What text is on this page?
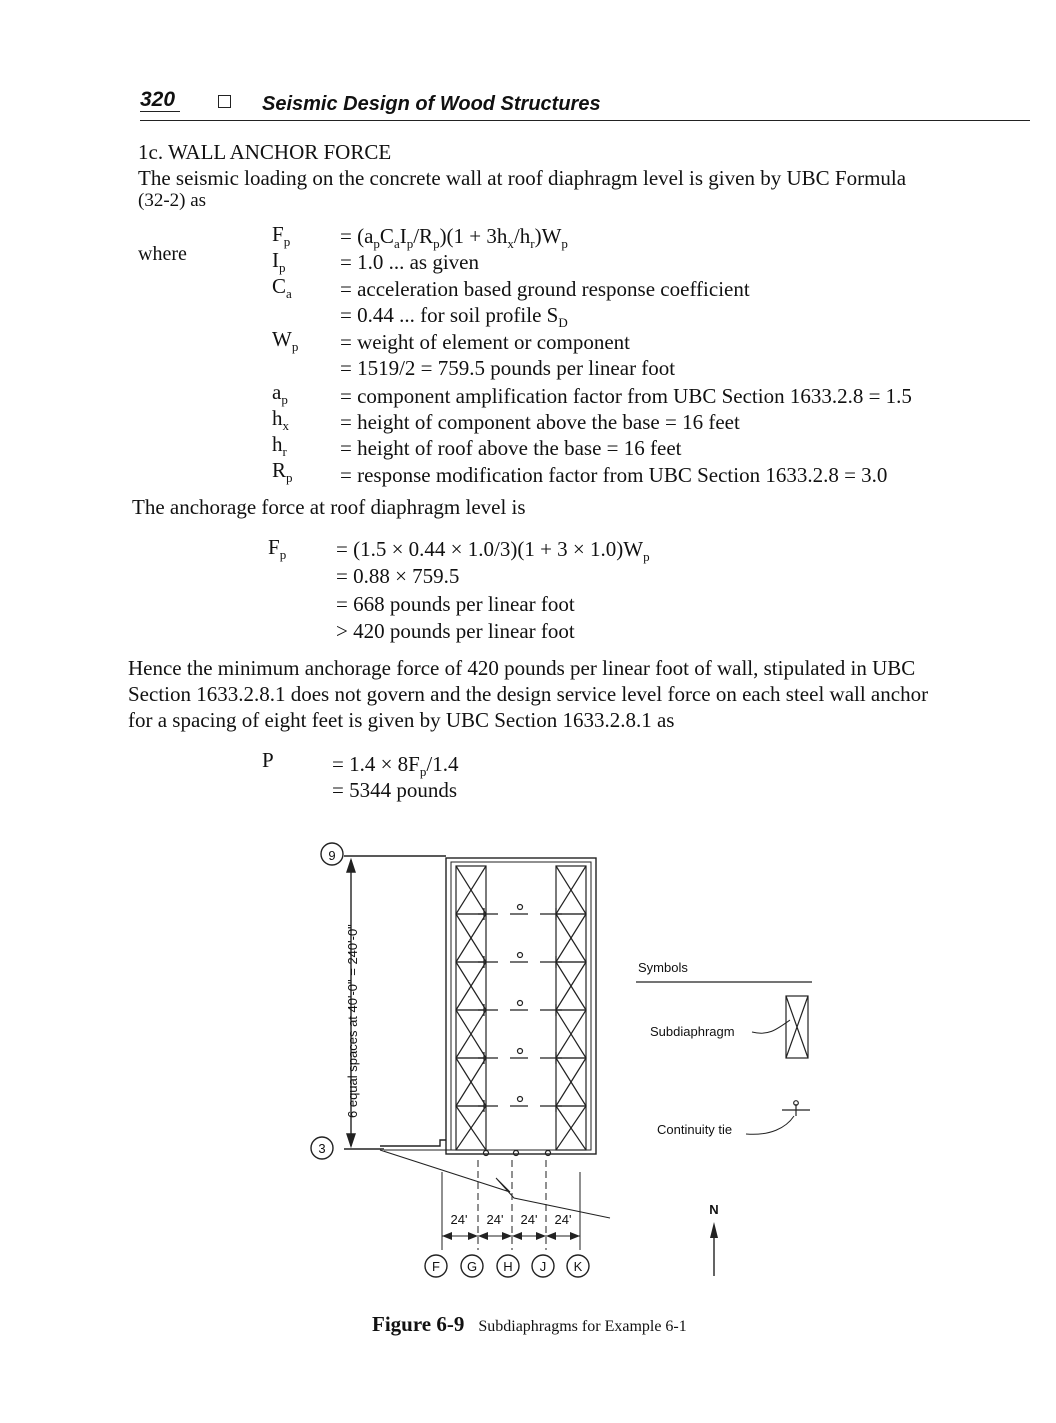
320	Seismic Design of Wood Structures
1c. WALL ANCHOR FORCE
The seismic loading on the concrete wall at roof diaphragm level is given by UBC Formula
(32-2) as
where
$F_p = (a_pC_aI_p/R_p)(1 + 3h_x/h_r)W_p$
$I_p$	= 1.0 ... as given
$C_a$ = acceleration based ground response coefficient
= 0.44 ... for soil profile $S_D$
$W_p$ = weight of element or component
= 1519/2 = 759.5 pounds per linear foot
$a_p$ = component amplification factor from UBC Section 1633.2.8 = 1.5
$h_x$ = height of component above the base = 16 feet
$h_r$	= height of roof above the base = 16 feet
$R_p$ = response modification factor from UBC Section 1633.2.8 = 3.0
The anchorage force at roof diaphragm level is
$F_p = (1.5 \times 0.44 \times 1.0/3)(1 + 3 \times 1.0)W_p$
= 0.88 × 759.5
= 668 pounds per linear foot
> 420 pounds per linear foot
Hence the minimum anchorage force of 420 pounds per linear foot of wall, stipulated in UBC
Section 1633.2.8.1 does not govern and the design service level force on each steel wall anchor
for a spacing of eight feet is given by UBC Section 1633.2.8.1 as
P	= $1.4 \times 8F_p/1.4$
= 5344 pounds
9
3
6 equal spaces at 40'-0" = 240'-0"
F G H J K
24' 24' 24' 24'
Symbols
Subdiaphragm
Continuity tie
N
Figure 6-9 Subdiaphragms for Example 6-1
